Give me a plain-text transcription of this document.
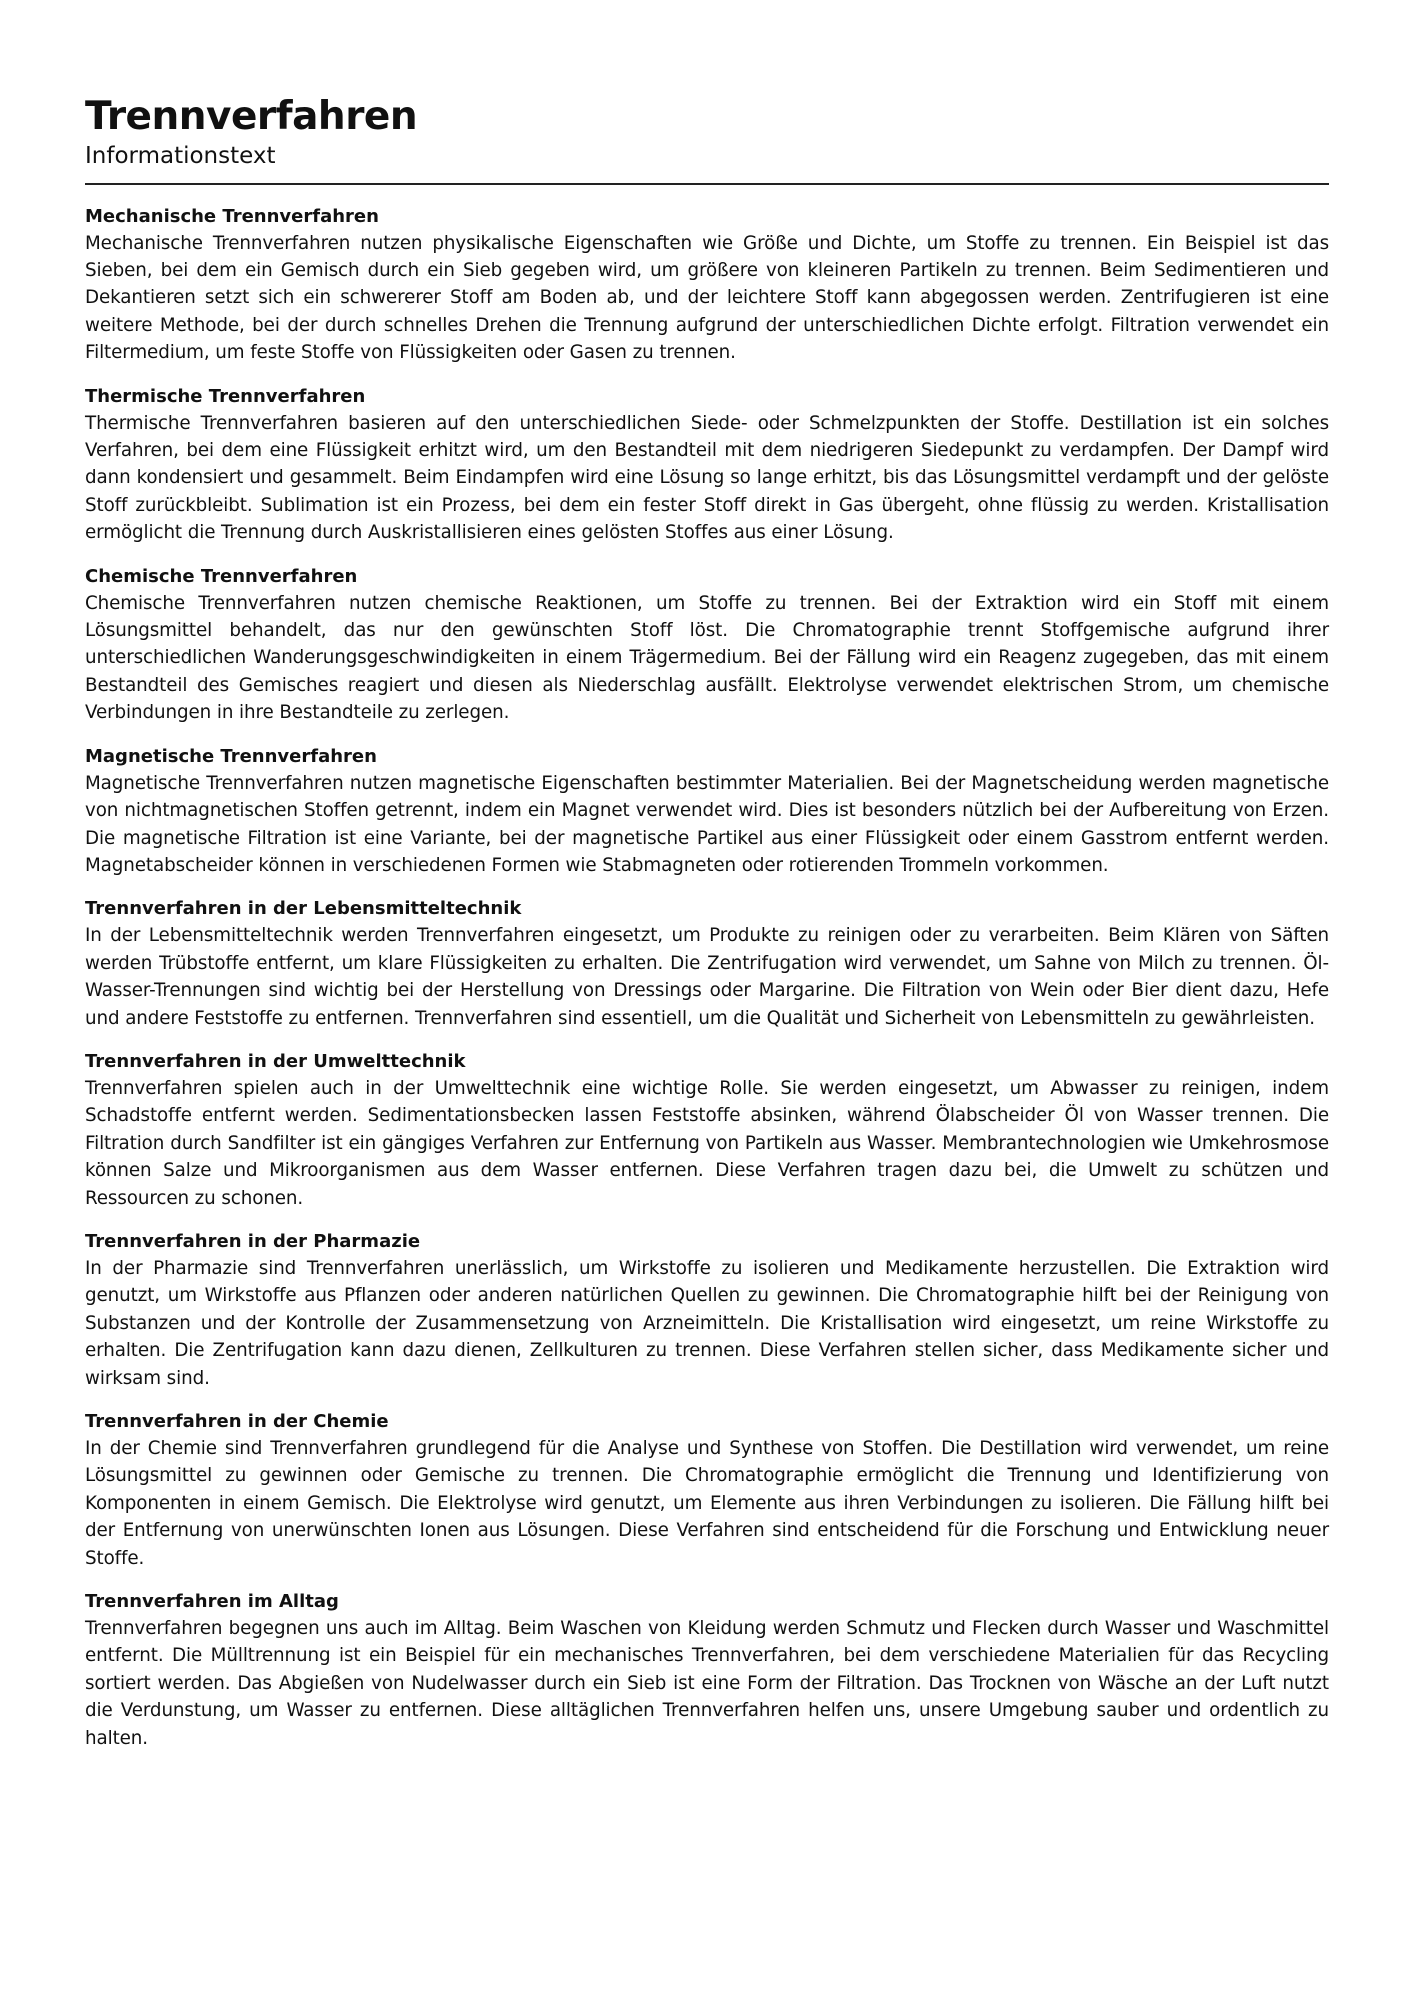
Trennverfahren
Informationstext
Mechanische Trennverfahren

Mechanische Trennverfahren nutzen physikalische Eigenschaften wie Größe und Dichte, um Stoffe zu trennen. Ein Beispiel ist das Sieben, bei dem ein Gemisch durch ein Sieb gegeben wird, um größere von kleineren Partikeln zu trennen. Beim Sedimentieren und Dekantieren setzt sich ein schwererer Stoff am Boden ab, und der leichtere Stoff kann abgegossen werden. Zentrifugieren ist eine weitere Methode, bei der durch schnelles Drehen die Trennung aufgrund der unterschiedlichen Dichte erfolgt. Filtration verwendet ein Filtermedium, um feste Stoffe von Flüssigkeiten oder Gasen zu trennen.

Thermische Trennverfahren

Thermische Trennverfahren basieren auf den unterschiedlichen Siede- oder Schmelzpunkten der Stoffe. Destillation ist ein solches Verfahren, bei dem eine Flüssigkeit erhitzt wird, um den Bestandteil mit dem niedrigeren Siedepunkt zu verdampfen. Der Dampf wird dann kondensiert und gesammelt. Beim Eindampfen wird eine Lösung so lange erhitzt, bis das Lösungsmittel verdampft und der gelöste Stoff zurückbleibt. Sublimation ist ein Prozess, bei dem ein fester Stoff direkt in Gas übergeht, ohne flüssig zu werden. Kristallisation ermöglicht die Trennung durch Auskristallisieren eines gelösten Stoffes aus einer Lösung.

Chemische Trennverfahren

Chemische Trennverfahren nutzen chemische Reaktionen, um Stoffe zu trennen. Bei der Extraktion wird ein Stoff mit einem Lösungsmittel behandelt, das nur den gewünschten Stoff löst. Die Chromatographie trennt Stoffgemische aufgrund ihrer unterschiedlichen Wanderungsgeschwindigkeiten in einem Trägermedium. Bei der Fällung wird ein Reagenz zugegeben, das mit einem Bestandteil des Gemisches reagiert und diesen als Niederschlag ausfällt. Elektrolyse verwendet elektrischen Strom, um chemische Verbindungen in ihre Bestandteile zu zerlegen.

Magnetische Trennverfahren

Magnetische Trennverfahren nutzen magnetische Eigenschaften bestimmter Materialien. Bei der Magnetscheidung werden magnetische von nichtmagnetischen Stoffen getrennt, indem ein Magnet verwendet wird. Dies ist besonders nützlich bei der Aufbereitung von Erzen. Die magnetische Filtration ist eine Variante, bei der magnetische Partikel aus einer Flüssigkeit oder einem Gasstrom entfernt werden. Magnetabscheider können in verschiedenen Formen wie Stabmagneten oder rotierenden Trommeln vorkommen.

Trennverfahren in der Lebensmitteltechnik

In der Lebensmitteltechnik werden Trennverfahren eingesetzt, um Produkte zu reinigen oder zu verarbeiten. Beim Klären von Säften werden Trübstoffe entfernt, um klare Flüssigkeiten zu erhalten. Die Zentrifugation wird verwendet, um Sahne von Milch zu trennen. Öl-Wasser-Trennungen sind wichtig bei der Herstellung von Dressings oder Margarine. Die Filtration von Wein oder Bier dient dazu, Hefe und andere Feststoffe zu entfernen. Trennverfahren sind essentiell, um die Qualität und Sicherheit von Lebensmitteln zu gewährleisten.

Trennverfahren in der Umwelttechnik

Trennverfahren spielen auch in der Umwelttechnik eine wichtige Rolle. Sie werden eingesetzt, um Abwasser zu reinigen, indem Schadstoffe entfernt werden. Sedimentationsbecken lassen Feststoffe absinken, während Ölabscheider Öl von Wasser trennen. Die Filtration durch Sandfilter ist ein gängiges Verfahren zur Entfernung von Partikeln aus Wasser. Membrantechnologien wie Umkehrosmose können Salze und Mikroorganismen aus dem Wasser entfernen. Diese Verfahren tragen dazu bei, die Umwelt zu schützen und Ressourcen zu schonen.

Trennverfahren in der Pharmazie

In der Pharmazie sind Trennverfahren unerlässlich, um Wirkstoffe zu isolieren und Medikamente herzustellen. Die Extraktion wird genutzt, um Wirkstoffe aus Pflanzen oder anderen natürlichen Quellen zu gewinnen. Die Chromatographie hilft bei der Reinigung von Substanzen und der Kontrolle der Zusammensetzung von Arzneimitteln. Die Kristallisation wird eingesetzt, um reine Wirkstoffe zu erhalten. Die Zentrifugation kann dazu dienen, Zellkulturen zu trennen. Diese Verfahren stellen sicher, dass Medikamente sicher und wirksam sind.

Trennverfahren in der Chemie

In der Chemie sind Trennverfahren grundlegend für die Analyse und Synthese von Stoffen. Die Destillation wird verwendet, um reine Lösungsmittel zu gewinnen oder Gemische zu trennen. Die Chromatographie ermöglicht die Trennung und Identifizierung von Komponenten in einem Gemisch. Die Elektrolyse wird genutzt, um Elemente aus ihren Verbindungen zu isolieren. Die Fällung hilft bei der Entfernung von unerwünschten Ionen aus Lösungen. Diese Verfahren sind entscheidend für die Forschung und Entwicklung neuer Stoffe.

Trennverfahren im Alltag

Trennverfahren begegnen uns auch im Alltag. Beim Waschen von Kleidung werden Schmutz und Flecken durch Wasser und Waschmittel entfernt. Die Mülltrennung ist ein Beispiel für ein mechanisches Trennverfahren, bei dem verschiedene Materialien für das Recycling sortiert werden. Das Abgießen von Nudelwasser durch ein Sieb ist eine Form der Filtration. Das Trocknen von Wäsche an der Luft nutzt die Verdunstung, um Wasser zu entfernen. Diese alltäglichen Trennverfahren helfen uns, unsere Umgebung sauber und ordentlich zu halten.
